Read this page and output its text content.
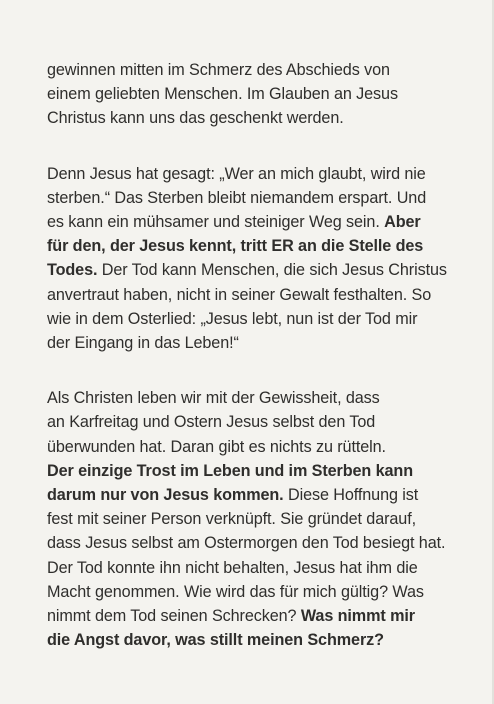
gewinnen mitten im Schmerz des Abschieds von
einem geliebten Menschen. Im Glauben an Jesus
Christus kann uns das geschenkt werden.
Denn Jesus hat gesagt: „Wer an mich glaubt, wird nie
sterben.“ Das Sterben bleibt niemandem erspart. Und
es kann ein mühsamer und steiniger Weg sein. Aber
für den, der Jesus kennt, tritt ER an die Stelle des
Todes. Der Tod kann Menschen, die sich Jesus Christus
anvertraut haben, nicht in seiner Gewalt festhalten. So
wie in dem Osterlied: „Jesus lebt, nun ist der Tod mir
der Eingang in das Leben!“
Als Christen leben wir mit der Gewissheit, dass
an Karfreitag und Ostern Jesus selbst den Tod
überwunden hat. Daran gibt es nichts zu rütteln.
Der einzige Trost im Leben und im Sterben kann
darum nur von Jesus kommen. Diese Hoffnung ist
fest mit seiner Person verknüpft. Sie gründet darauf,
dass Jesus selbst am Ostermorgen den Tod besiegt hat.
Der Tod konnte ihn nicht behalten, Jesus hat ihm die
Macht genommen. Wie wird das für mich gültig? Was
nimmt dem Tod seinen Schrecken? Was nimmt mir
die Angst davor, was stillt meinen Schmerz?
